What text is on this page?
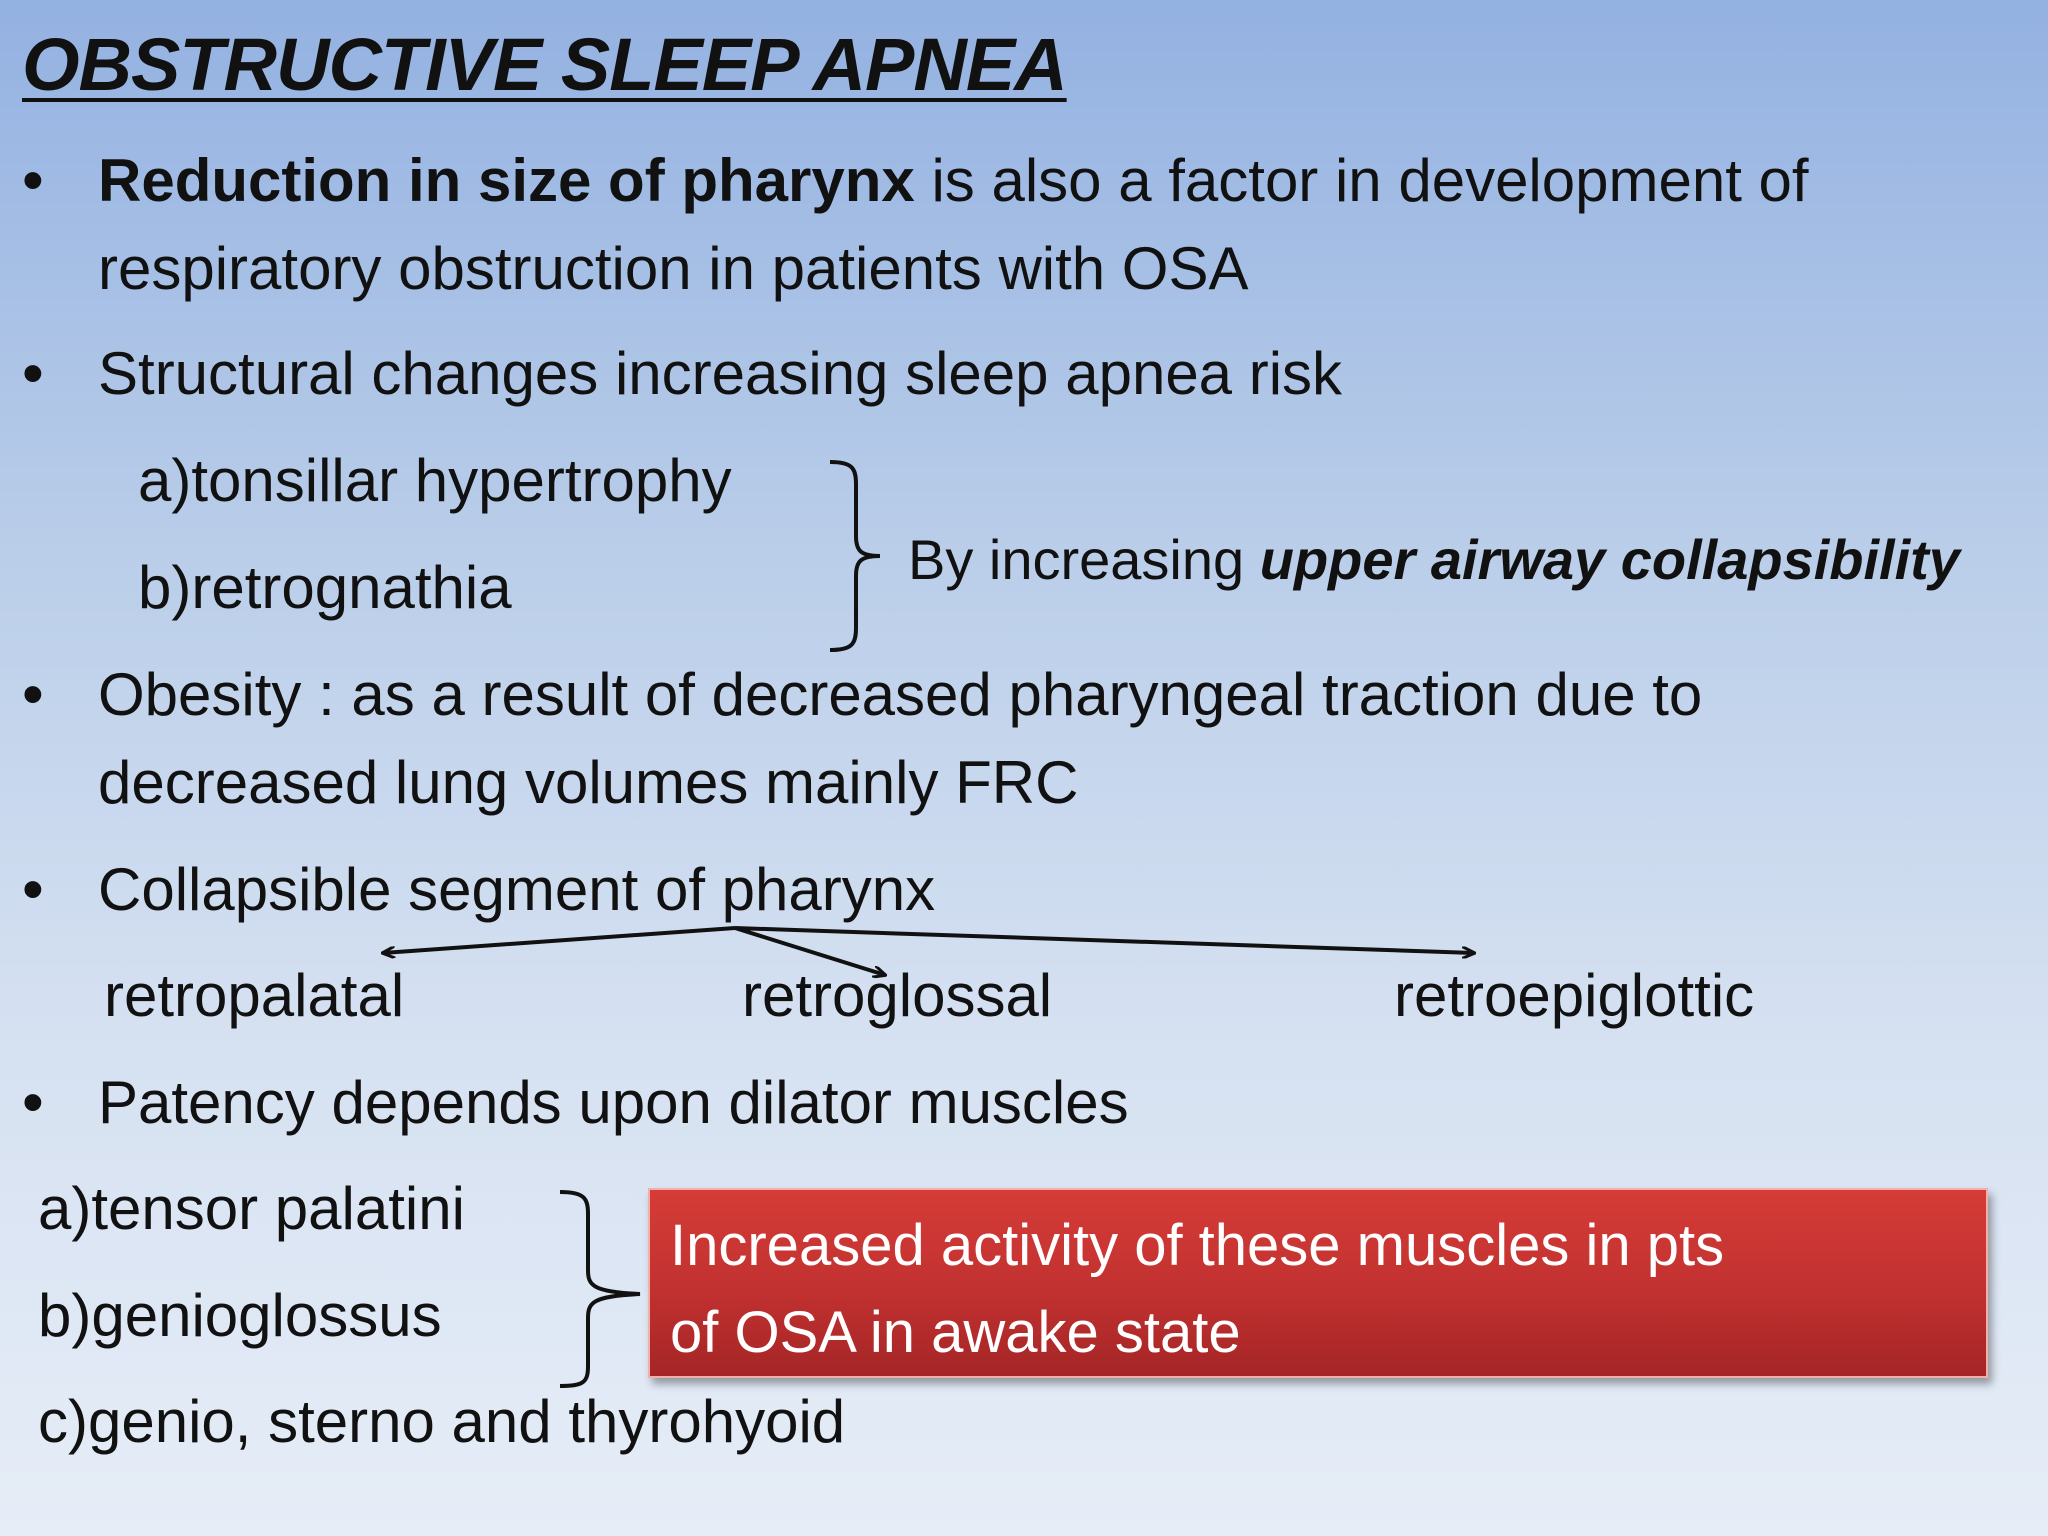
OBSTRUCTIVE SLEEP APNEA
• Reduction in size of pharynx is also a factor in development of
respiratory obstruction in patients with OSA
• Structural changes increasing sleep apnea risk
a)tonsillar hypertrophy
b)retrognathia	By increasing upper airway collapsibility
• Obesity : as a result of decreased pharyngeal traction due to
decreased lung volumes mainly FRC
• Collapsible segment of pharynx
retropalatal	retroglossal	retroepiglottic
• Patency depends upon dilator muscles
a)tensor palatini
b)genioglossus
c)genio, sterno and thyrohyoid
Increased activity of these muscles in pts
of OSA in awake state
